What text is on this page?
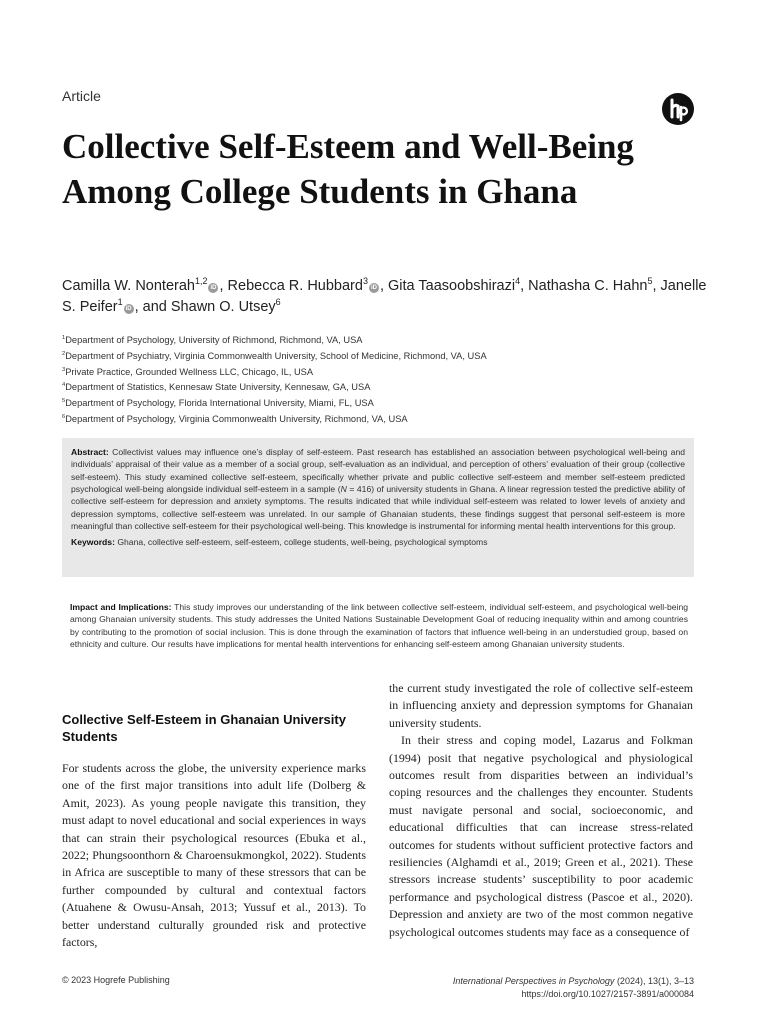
Article
Collective Self-Esteem and Well-Being Among College Students in Ghana
Camilla W. Nonterah$^{1,2}$iD , Rebecca R. Hubbard$^3$iD , Gita Taasoobshirazi$^4$, Nathasha C. Hahn$^5$, Janelle S. Peifer$^1$iD , and Shawn O. Utsey$^6$
$^1$Department of Psychology, University of Richmond, Richmond, VA, USA
$^2$Department of Psychiatry, Virginia Commonwealth University, School of Medicine, Richmond, VA, USA
$^3$Private Practice, Grounded Wellness LLC, Chicago, IL, USA
$^4$Department of Statistics, Kennesaw State University, Kennesaw, GA, USA
$^5$Department of Psychology, Florida International University, Miami, FL, USA
$^6$Department of Psychology, Virginia Commonwealth University, Richmond, VA, USA

Abstract: Collectivist values may influence one’s display of self-esteem. Past research has established an association between psychological well-being and individuals’ appraisal of their value as a member of a social group, self-evaluation as an individual, and perception of others’ evaluation of their group (collective self-esteem). This study examined collective self-esteem, specifically whether private and public collective self-esteem and member self-esteem predicted psychological well-being alongside individual self-esteem in a sample (N = 416) of university students in Ghana. A linear regression tested the predictive ability of collective self-esteem for depression and anxiety symptoms. The results indicated that while individual self-esteem was related to lower levels of anxiety and depression symptoms, collective self-esteem was unrelated. In our sample of Ghanaian students, these findings suggest that personal self-esteem is more meaningful than collective self-esteem for their psychological well-being. This knowledge is instrumental for informing mental health interventions for this group.

Keywords: Ghana, collective self-esteem, self-esteem, college students, well-being, psychological symptoms

Impact and Implications: This study improves our understanding of the link between collective self-esteem, individual self-esteem, and psychological well-being among Ghanaian university students. This study addresses the United Nations Sustainable Development Goal of reducing inequality within and among countries by contributing to the promotion of social inclusion. This is done through the examination of factors that influence well-being in an understudied group, based on ethnicity and culture. Our results have implications for mental health interventions for enhancing self-esteem among Ghanaian university students.

Collective Self-Esteem in Ghanaian University Students

For students across the globe, the university experience marks one of the first major transitions into adult life (Dolberg & Amit, 2023). As young people navigate this transition, they must adapt to novel educational and social experiences in ways that can strain their psychological resources (Ebuka et al., 2022; Phungsoonthorn & Charoensukmongkol, 2022). Students in Africa are susceptible to many of these stressors that can be further compounded by cultural and contextual factors (Atuahene & Owusu-Ansah, 2013; Yussuf et al., 2013). To better understand culturally grounded risk and protective factors,

the current study investigated the role of collective self-esteem in influencing anxiety and depression symptoms for Ghanaian university students.

In their stress and coping model, Lazarus and Folkman (1994) posit that negative psychological and physiological outcomes result from disparities between an individual’s coping resources and the challenges they encounter. Students must navigate personal and social, socioeconomic, and educational difficulties that can increase stress-related outcomes for students without sufficient protective factors and resiliencies (Alghamdi et al., 2019; Green et al., 2021). These stressors increase students’ susceptibility to poor academic performance and psychological distress (Pascoe et al., 2020). Depression and anxiety are two of the most common negative psychological outcomes students may face as a consequence of

© 2023 Hogrefe Publishing	International Perspectives in Psychology (2024), 13(1), 3–13
https://doi.org/10.1027/2157-3891/a000084
